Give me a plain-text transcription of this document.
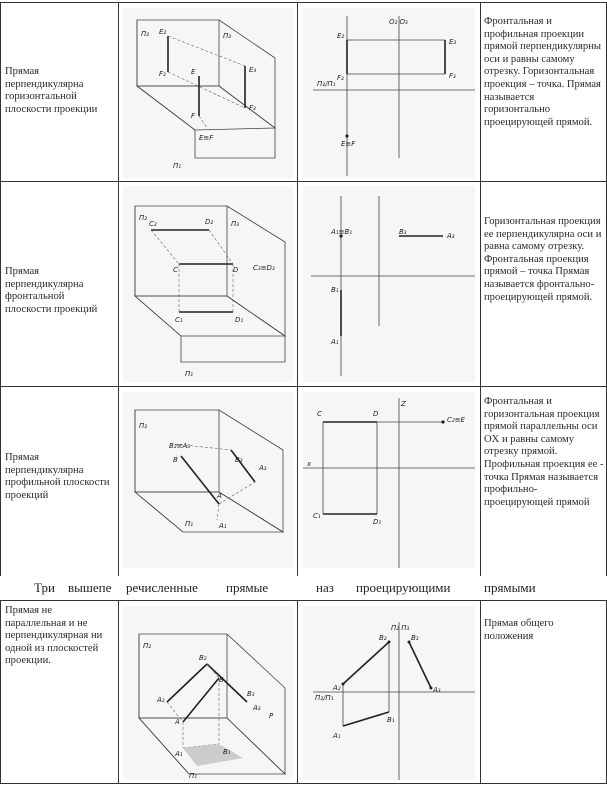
Прямая перпендикулярна горизонтальной плоскости проекции
Π₂	Π₃
Π₁
E₂
F₂	E₃
F₃
E
F
E≡F
O₂ O₃
E₂
F₂
E₃
F₃
Π₂/Π₁
E≡F
Фронтальная и профильная проекции прямой перпендикулярны оси и равны самому отрезку. Горизонтальная проекция – точка. Прямая называется горизонтально проецирующей прямой.
Прямая перпендикулярна фронтальной плоскости проекций
Π₂
Π₃
Π₁
C₂	D₂
C	D C₃≡D₃
C₁	D₁
A₁≡B₁	B₃	A₃
B₁
A₁
Горизонтальная проекция ее перпендикулярна оси и равна самому отрезку. Фронтальная проекция прямой – точка Прямая называется фронтально-проецирующей прямой.
Прямая перпендикулярна профильной плоскости проекций
Π₂
B₂≡A₃
B	B₃
A₃
A
A₁
Π₁
C	D
Z
C₂≡E
x
C₁
D₁
Фронтальная и горизонтальная проекция прямой параллельны оси OX и равны самому отрезку прямой. Профильная проекция ее - точка Прямая называется профильно-проецирующей прямой
Три вышепе речисленные прямые	наз проецирующими	прямыми
Прямая не параллельная и не перпендикулярная ни одной из плоскостей проекции.
Π₂
B₂
A₂
B
A
B₃
A₃
P
A₁	B₁
Π₁
Π₂ Π₃
B₂
A₂
B₃
A₃
Π₂/Π₁
A₁
B₁
Прямая общего положения
